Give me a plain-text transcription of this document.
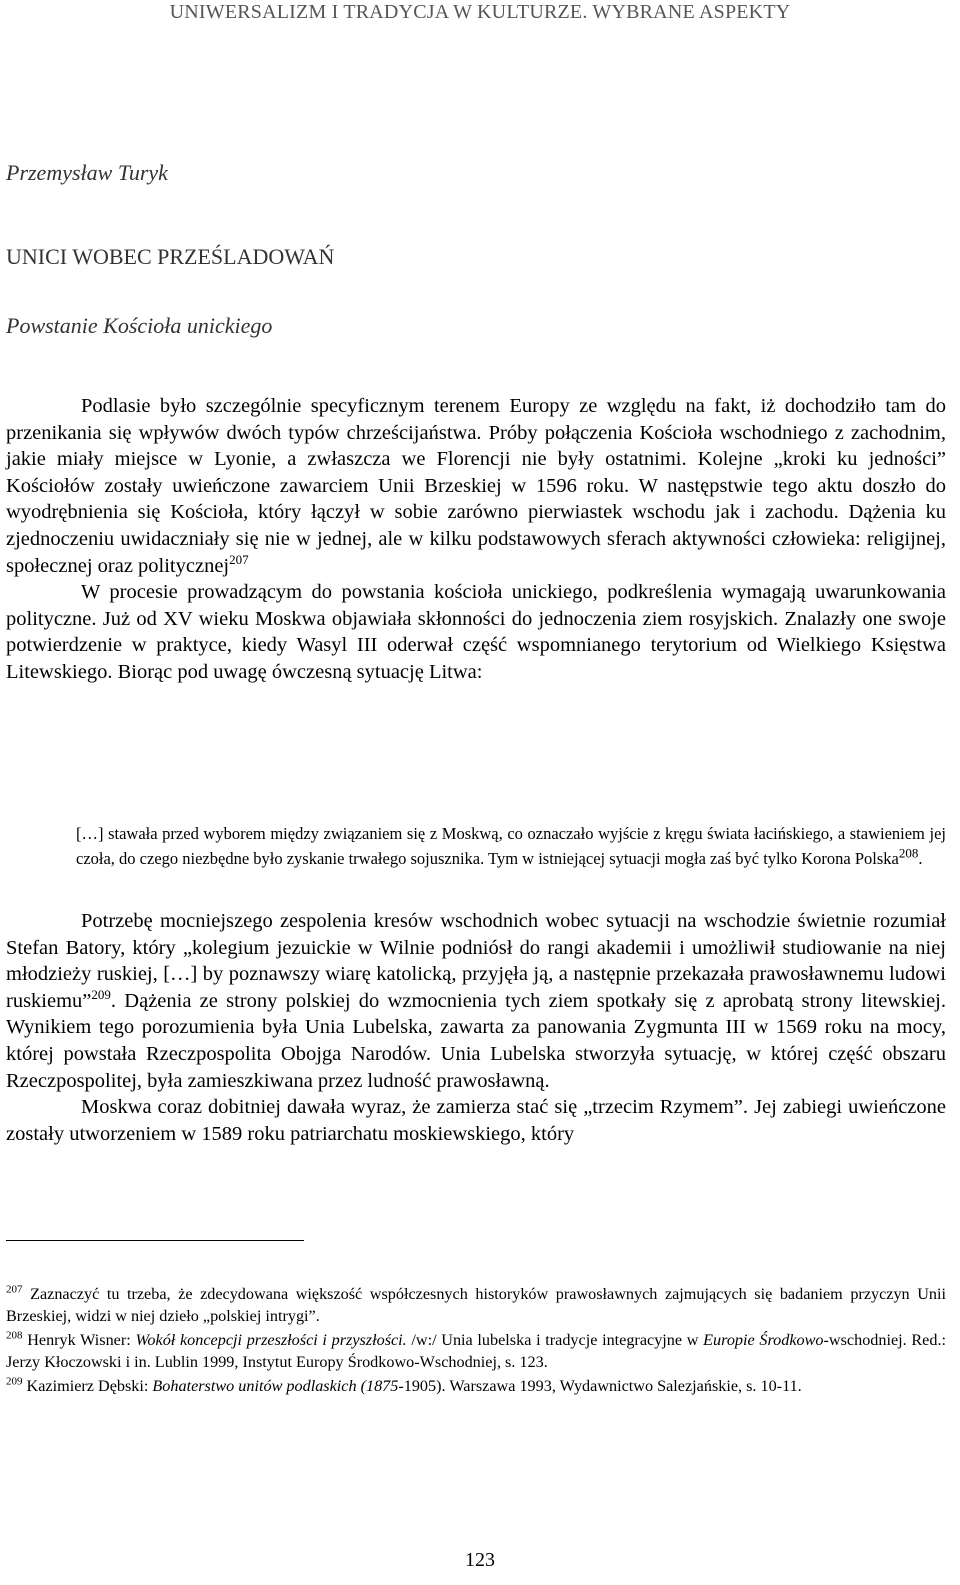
UNIWERSALIZM I TRADYCJA W KULTURZE. WYBRANE ASPEKTY
Przemysław Turyk
UNICI WOBEC PRZEŚLADOWAŃ
Powstanie Kościoła unickiego

Podlasie było szczególnie specyficznym terenem Europy ze względu na fakt, iż dochodziło tam do przenikania się wpływów dwóch typów chrześcijaństwa. Próby połączenia Kościoła wschodniego z zachodnim, jakie miały miejsce w Lyonie, a zwłaszcza we Florencji nie były ostatnimi. Kolejne „kroki ku jedności” Kościołów zostały uwieńczone zawarciem Unii Brzeskiej w 1596 roku. W następstwie tego aktu doszło do wyodrębnienia się Kościoła, który łączył w sobie zarówno pierwiastek wschodu jak i zachodu. Dążenia ku zjednoczeniu uwidaczniały się nie w jednej, ale w kilku podstawowych sferach aktywności człowieka: religijnej, społecznej oraz politycznej$^{207}$

W procesie prowadzącym do powstania kościoła unickiego, podkreślenia wymagają uwarunkowania polityczne. Już od XV wieku Moskwa objawiała skłonności do jednoczenia ziem rosyjskich. Znalazły one swoje potwierdzenie w praktyce, kiedy Wasyl III oderwał część wspomnianego terytorium od Wielkiego Księstwa Litewskiego. Biorąc pod uwagę ówczesną sytuację Litwa:

[…] stawała przed wyborem między związaniem się z Moskwą, co oznaczało wyjście z kręgu świata łacińskiego, a stawieniem jej czoła, do czego niezbędne było zyskanie trwałego sojusznika. Tym w istniejącej sytuacji mogła zaś być tylko Korona Polska$^{208}$.

Potrzebę mocniejszego zespolenia kresów wschodnich wobec sytuacji na wschodzie świetnie rozumiał Stefan Batory, który „kolegium jezuickie w Wilnie podniósł do rangi akademii i umożliwił studiowanie na niej młodzieży ruskiej, […] by poznawszy wiarę katolicką, przyjęła ją, a następnie przekazała prawosławnemu ludowi ruskiemu”$^{209}$. Dążenia ze strony polskiej do wzmocnienia tych ziem spotkały się z aprobatą strony litewskiej. Wynikiem tego porozumienia była Unia Lubelska, zawarta za panowania Zygmunta III w 1569 roku na mocy, której powstała Rzeczpospolita Obojga Narodów. Unia Lubelska stworzyła sytuację, w której część obszaru Rzeczpospolitej, była zamieszkiwana przez ludność prawosławną.

Moskwa coraz dobitniej dawała wyraz, że zamierza stać się „trzecim Rzymem”. Jej zabiegi uwieńczone zostały utworzeniem w 1589 roku patriarchatu moskiewskiego, który

$^{207}$ Zaznaczyć tu trzeba, że zdecydowana większość współczesnych historyków prawosławnych zajmujących się badaniem przyczyn Unii Brzeskiej, widzi w niej dzieło „polskiej intrygi”.

$^{208}$ Henryk Wisner: Wokół koncepcji przeszłości i przyszłości. /w:/ Unia lubelska i tradycje integracyjne w Europie Środkowo-wschodniej. Red.: Jerzy Kłoczowski i in. Lublin 1999, Instytut Europy Środkowo-Wschodniej, s. 123.

$^{209}$ Kazimierz Dębski: Bohaterstwo unitów podlaskich (1875-1905). Warszawa 1993, Wydawnictwo Salezjańskie, s. 10-11.

123
